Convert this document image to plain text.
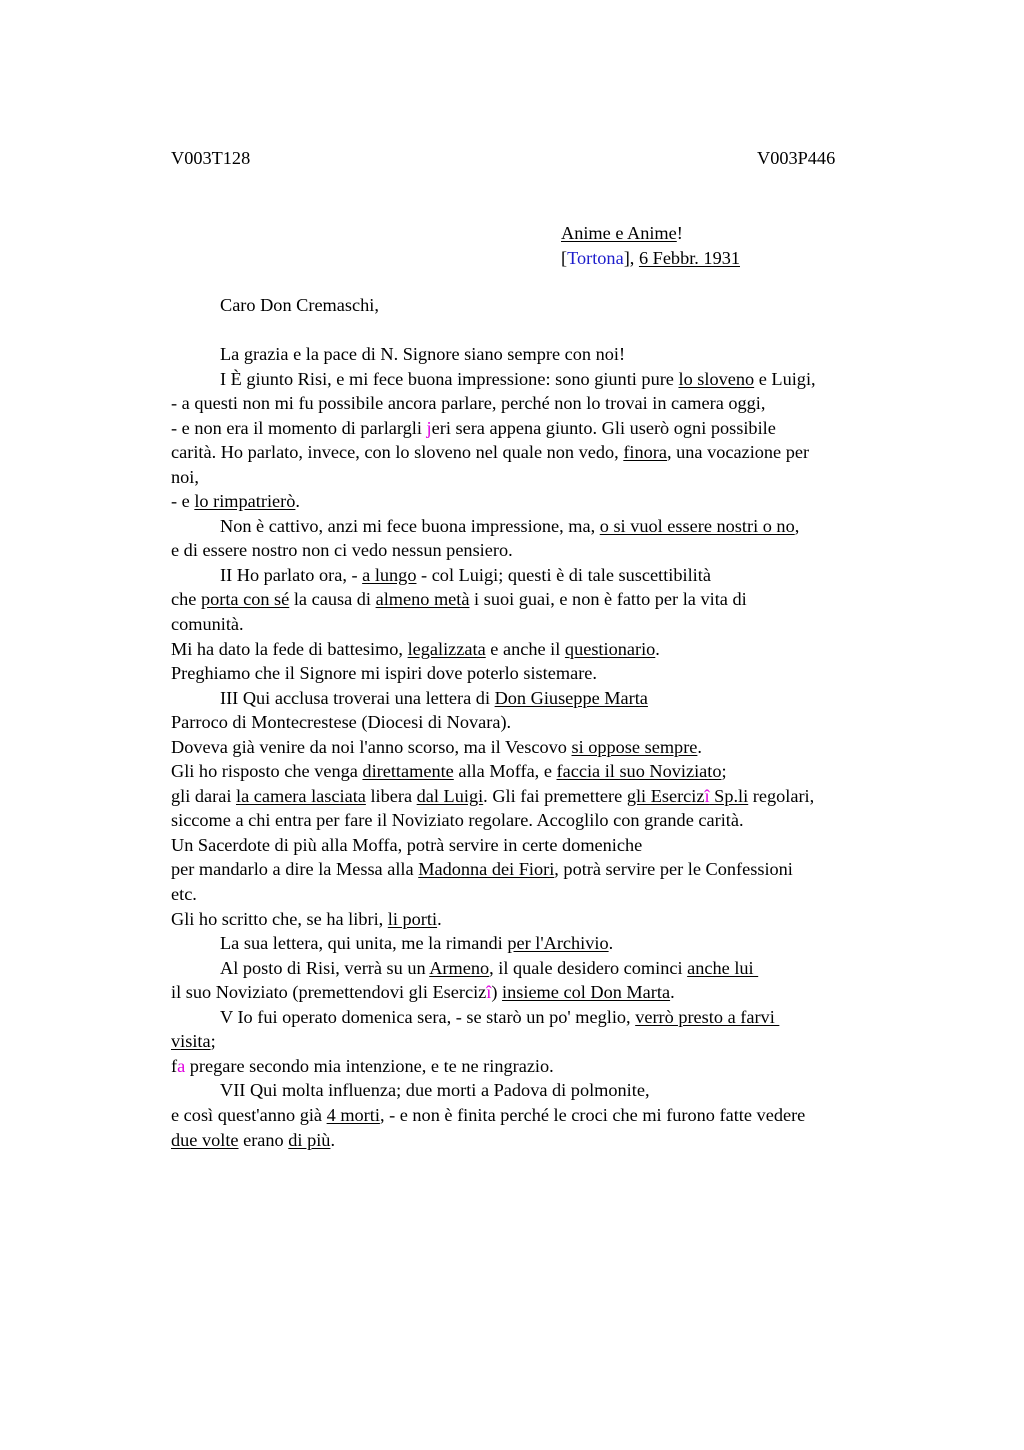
V003T128	V003P446
Anime e Anime!
[Tortona], 6 Febbr. 1931
Caro Don Cremaschi,
La grazia e la pace di N. Signore siano sempre con noi!
I È giunto Risi, e mi fece buona impressione: sono giunti pure lo sloveno e Luigi,
- a questi non mi fu possibile ancora parlare, perché non lo trovai in camera oggi,
- e non era il momento di parlargli jeri sera appena giunto. Gli userò ogni possibile
carità. Ho parlato, invece, con lo sloveno nel quale non vedo, finora, una vocazione per
noi,
- e lo rimpatrierò.
Non è cattivo, anzi mi fece buona impressione, ma, o si vuol essere nostri o no,
e di essere nostro non ci vedo nessun pensiero.
II Ho parlato ora, - a lungo - col Luigi; questi è di tale suscettibilità
che porta con sé la causa di almeno metà i suoi guai, e non è fatto per la vita di
comunità.
Mi ha dato la fede di battesimo, legalizzata e anche il questionario.
Preghiamo che il Signore mi ispiri dove poterlo sistemare.
III Qui acclusa troverai una lettera di Don Giuseppe Marta
Parroco di Montecrestese (Diocesi di Novara).
Doveva già venire da noi l'anno scorso, ma il Vescovo si oppose sempre.
Gli ho risposto che venga direttamente alla Moffa, e faccia il suo Noviziato;
gli darai la camera lasciata libera dal Luigi. Gli fai premettere gli Esercizî Sp.li regolari,
siccome a chi entra per fare il Noviziato regolare. Accoglilo con grande carità.
Un Sacerdote di più alla Moffa, potrà servire in certe domeniche
per mandarlo a dire la Messa alla Madonna dei Fiori, potrà servire per le Confessioni
etc.
Gli ho scritto che, se ha libri, li porti.
La sua lettera, qui unita, me la rimandi per l'Archivio.
Al posto di Risi, verrà su un Armeno, il quale desidero cominci anche lui
il suo Noviziato (premettendovi gli Esercizî) insieme col Don Marta.
V Io fui operato domenica sera, - se starò un po' meglio, verrò presto a farvi
visita;
fa pregare secondo mia intenzione, e te ne ringrazio.
VII Qui molta influenza; due morti a Padova di polmonite,
e così quest'anno già 4 morti, - e non è finita perché le croci che mi furono fatte vedere
due volte erano di più.
